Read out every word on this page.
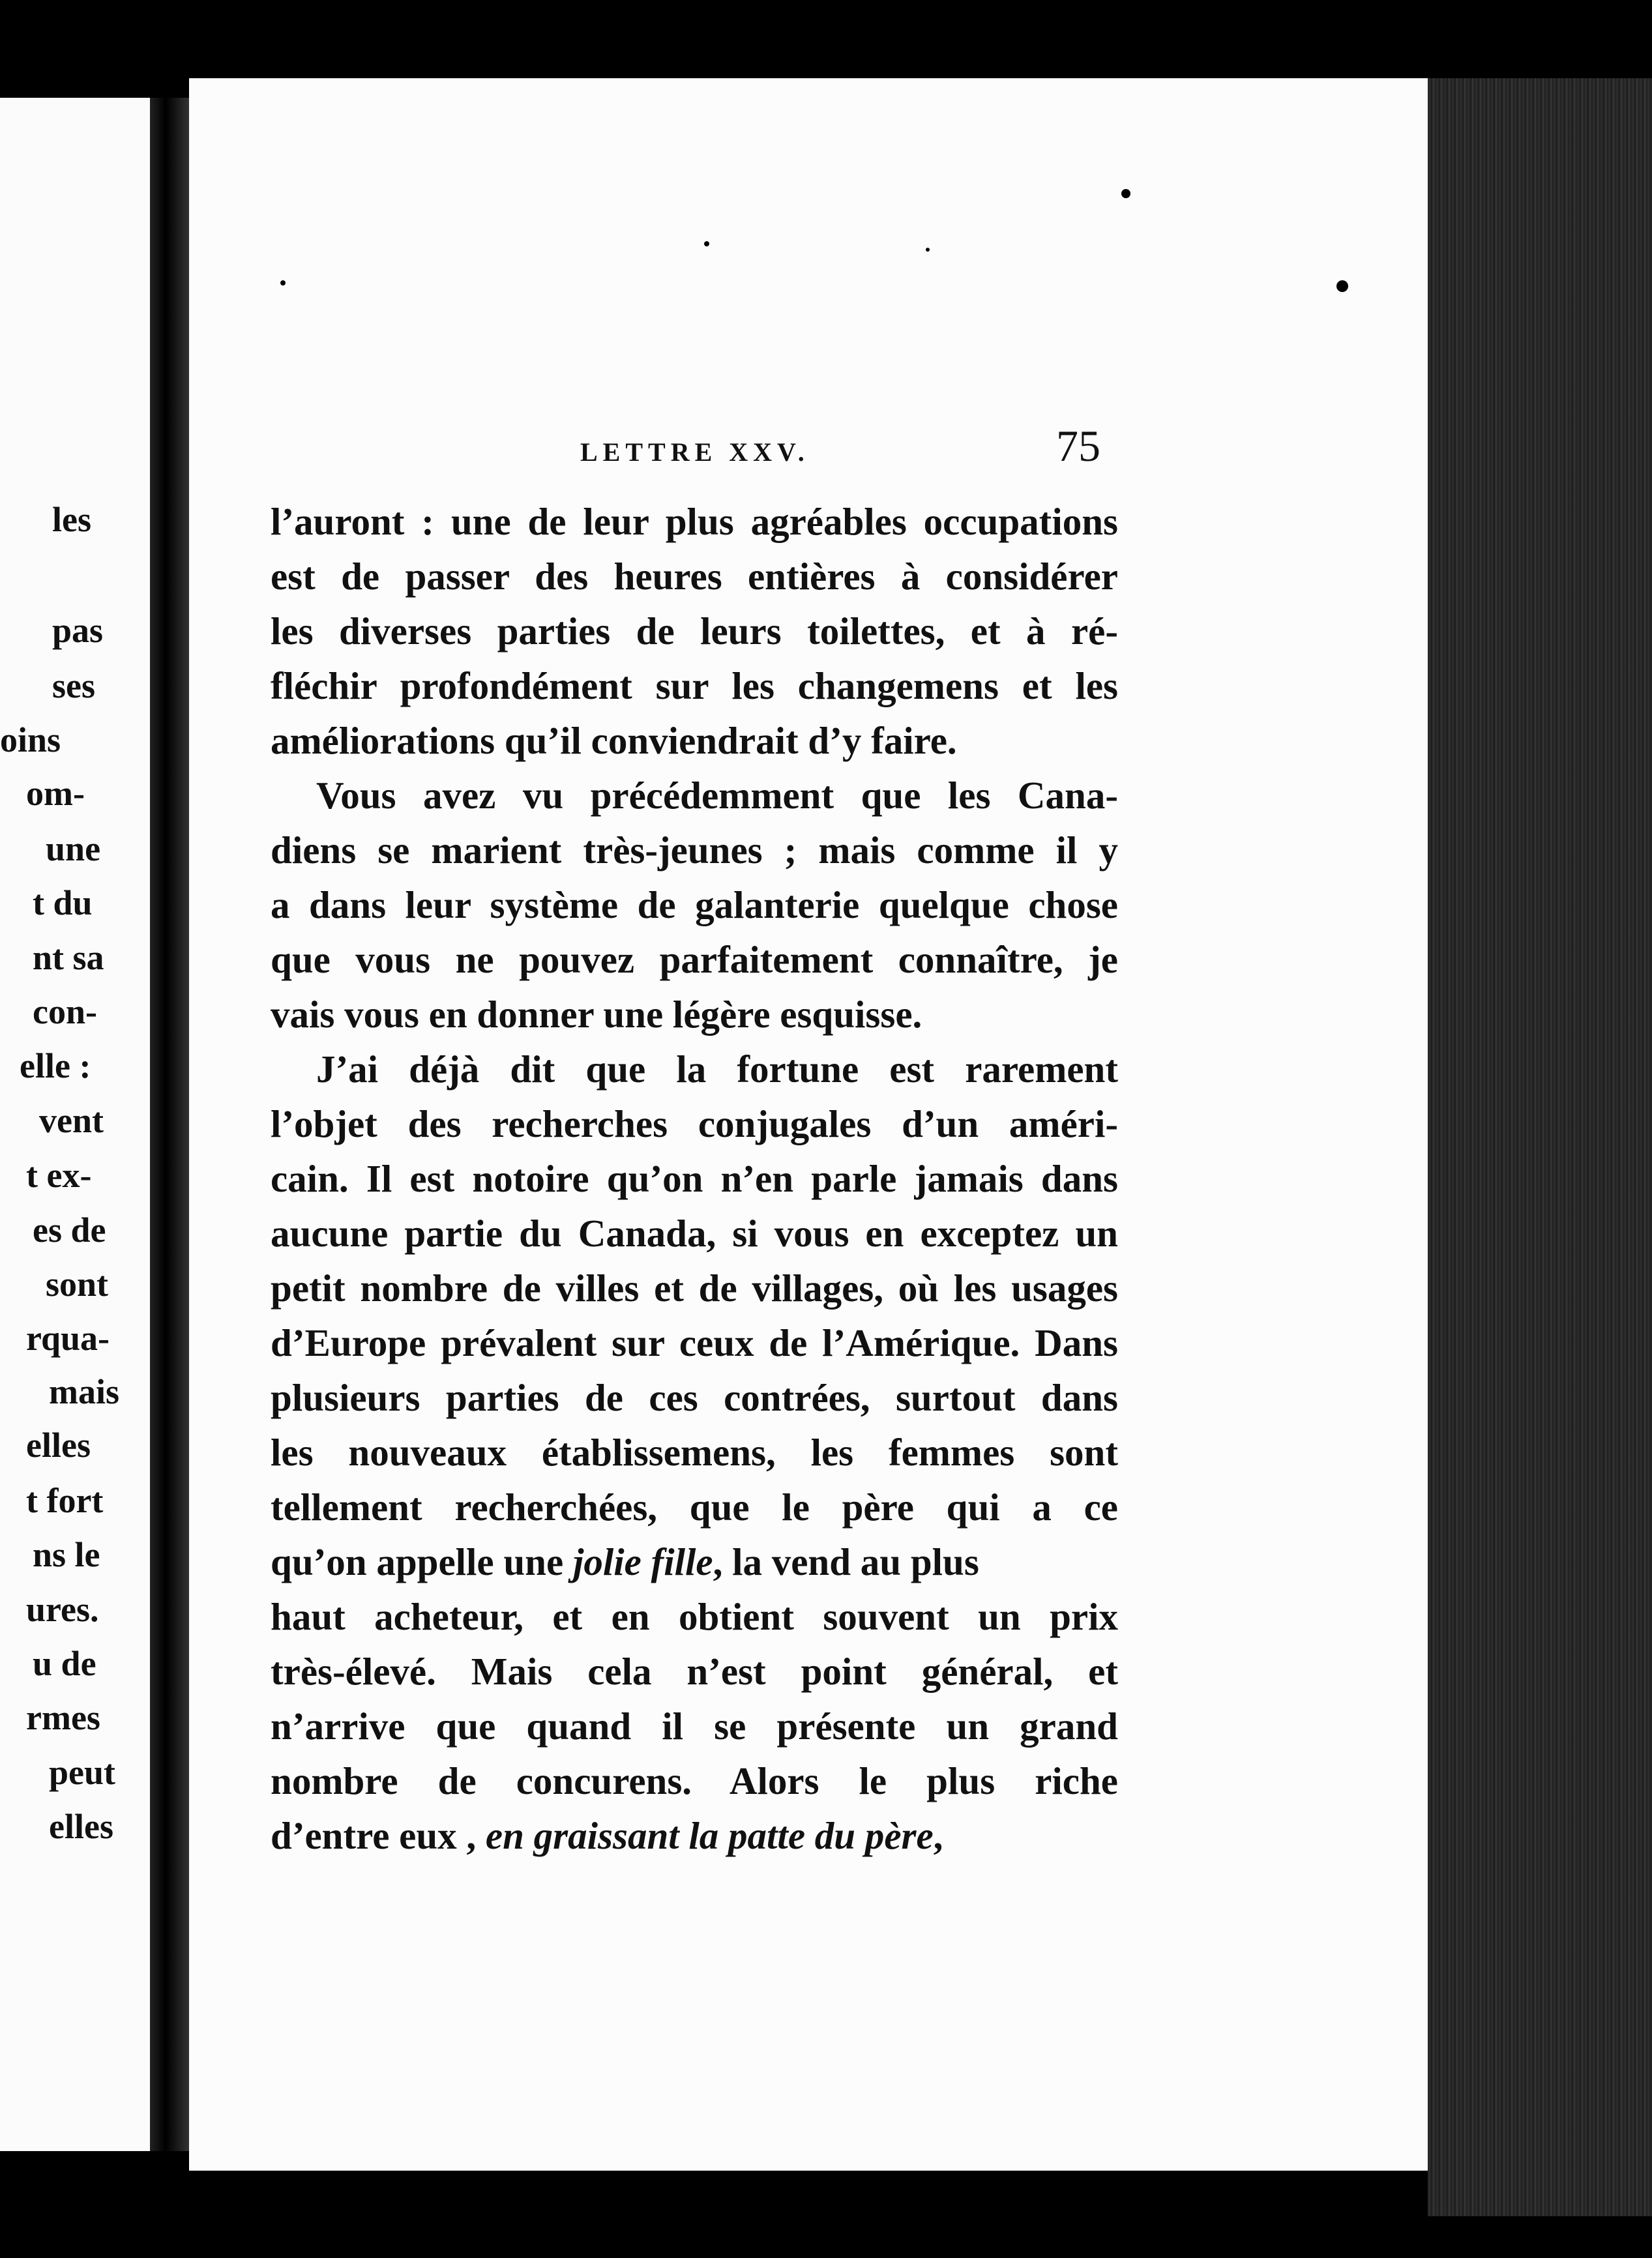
les
pas
ses
oins
om-
une
t du
nt sa
con-
elle :
vent
t ex-
es de
sont
rqua-
mais
elles
t fort
ns le
ures.
u de
rmes
peut
elles
LETTRE XXV.	75
l’auront : une de leur plus agréables occupations
est de passer des heures entières à considérer
les diverses parties de leurs toilettes, et à ré-
fléchir profondément sur les changemens et les
améliorations qu’il conviendrait d’y faire.
Vous avez vu précédemment que les Cana-
diens se marient très-jeunes ; mais comme il y
a dans leur système de galanterie quelque chose
que vous ne pouvez parfaitement connaître, je
vais vous en donner une légère esquisse.
J’ai déjà dit que la fortune est rarement
l’objet des recherches conjugales d’un améri-
cain. Il est notoire qu’on n’en parle jamais dans
aucune partie du Canada, si vous en exceptez un
petit nombre de villes et de villages, où les usages
d’Europe prévalent sur ceux de l’Amérique. Dans
plusieurs parties de ces contrées, surtout dans
les nouveaux établissemens, les femmes sont
tellement recherchées, que le père qui a ce
qu’on appelle une jolie fille, la vend au plus
haut acheteur, et en obtient souvent un prix
très-élevé. Mais cela n’est point général, et
n’arrive que quand il se présente un grand
nombre de concurens. Alors le plus riche
d’entre eux , en graissant la patte du père,
